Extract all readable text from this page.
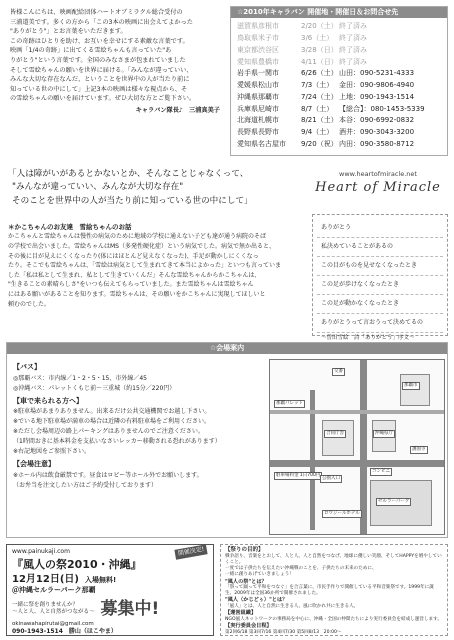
皆様こんにちは、映画配給団体ハートオブミラクル総合受付の

三浦道美です。多くの方から「この3本の映画に出会えてよかった

"ありがとう"」とお言葉をいただきます。

この奇跡はひとりを助け、お互いを幸せにする素敵な言葉です。

映画「1/4の奇跡」に出てくる雪絵ちゃんも言っていた"あ

りがとう"という言葉です。全国のみなさまが包まれていました

そして雪絵ちゃんの願いを世界に届ける。「みんなが違っていい、

みんな大切な存在なんだ、ということを世界中の人が当たり前に

知っている世の中にして」上記3本の映画は様々な視点から、そ

の雪絵ちゃんの願いを届けています。ぜひ大切な方とご覧下さい。

キャラバン隊長♪　三浦真美子

☆2010年キャラバン 開催地・開催日＆お問合せ先
滋賀県彦根市	2/20（土） 終了済み
鳥取県米子市	3/6（土） 終了済み
東京都渋谷区	3/28（日） 終了済み
愛知県豊橋市	4/11（日） 終了済み
岩手県一関市	6/26（土） 山田：090-5231-4333
愛媛県松山市	7/3（土） 金田：090-9806-4940
沖縄県那覇市	7/24（土） 上地：090-1943-1514
兵庫県尼崎市	8/7（土） 【総合】：080-1453-5339
北海道札幌市	8/21（土） 本谷：090-6992-0832
長野県長野市	9/4（土） 酒井：090-3043-3200
愛知県名古屋市	9/20（祝） 内田：090-3580-8712
「人は障がいがあるとかないとか、そんなことじゃなくって、
"みんなが違っていい、みんなが大切な存在"
そのことを世界中の人が当たり前に知っている世の中にして」
www.heartofmiracle.net
Heart of Miracle
＊かこちゃんのお友達　雪絵ちゃんのお話
かこちゃんと雪絵ちゃんは慢性の病気のために地域の学校に通えない子ども達が通う病院のそば
の学校で出会いました。雪絵ちゃんはMS（多発性硬化症）という病気でした。病気で無か出ると、
その後に目が見えにくくなったり(体にはほとんど見えなくなった)、手足が動かしにくくなっ
たり。そこでも雪絵ちゃんは、「雪絵は病気として生まれてきて本当によかった」といつも言っていま
した「私は私として生まれ、私として生きていくんだ」そんな雪絵ちゃんからかこちゃんは、
"生きることの素晴らしさ"をいつも伝えてもらっていました。また雪絵ちゃんは雪絵ちゃん
にはある願いがあることを知ります。雪絵ちゃんは、その願いをかこちゃんに実現してほしいと
頼むのでした。
ありがとう
私決めていることがあるの
この目がものを見せなくなったとき
この足が歩けなくなったとき
この足が動かなくなったとき
ありがとうって言おうって決めてるの
～曽田雪絵　詩「ありがとう」序文～
☆会場案内

【バス】

◎那覇バス：市内線／1・2・5・15、市外線／45

◎沖縄バス：パレットくもじ前～三重城（約15分／220円）

【車で来られる方へ】

※駐車場があまりありません。出来るだけ公共交通機関でお越し下さい。

※でいる地下駐車場が満車の場合は近隣の有料駐車場をご利用ください。

※ただし会場周辺の路上パーキングはありませんのでご注意ください。

（1時間おきに基本料金を支払いなさいレッカー移動される恐れがあります）

※右記地図をご参照下さい。

【会場注意】

※ホール内は飲食厳禁です。昼食はロビー等ホール外でお願いします。

（お弁当を注文したい方はご予約受付しております）

交番
那覇市
合同庁舎	沖縄県庁
セルラーパーク
ロワジールホテル
護国寺
コンビニ
那覇パレット
駐車場料金 1日700円
公園入口
www.painukaji.com	開催決定!
『風人の祭2010・沖縄』
12月12日(日) 入場無料!
＠沖縄セルラーパーク那覇
一緒に祭を創りませんか？
～人と人、人と自然がつながる～ 募集中!
okinawahapirutai@gmail.com
090-1943-1514　勝山（ほこやま）

【祭りの目的】

戦争語り、音楽をとおして、人と人、人と自然をつなげ、地球に優しい笑顔、そしてHAPPYを増やしていくこと。

一度では子供たちを伝えたい沖縄戦のことを、子供たちの未来のために、

一緒に創りあげていきましょう！

"風人の祭"とは？

「祭って踊って平和をつなぐ」を合言葉に、市民手作りで開催している平和音楽祭です。1999年に誕生、2009年は全国36か所で開催されました。

"風人（かじどぅ）"とは？

「風人」とは、人と自然に生きる人、風に吹かれ共に生きる人。

【運営組織】

NGO風人ネットワークの事務局を中心に、沖縄・全国の仲間たちにより実行委員会を結成し運営します。

【実行委員会日程】

第2回6/18 第3回7/16 第4回7/30 第5回8/13　20:00～
